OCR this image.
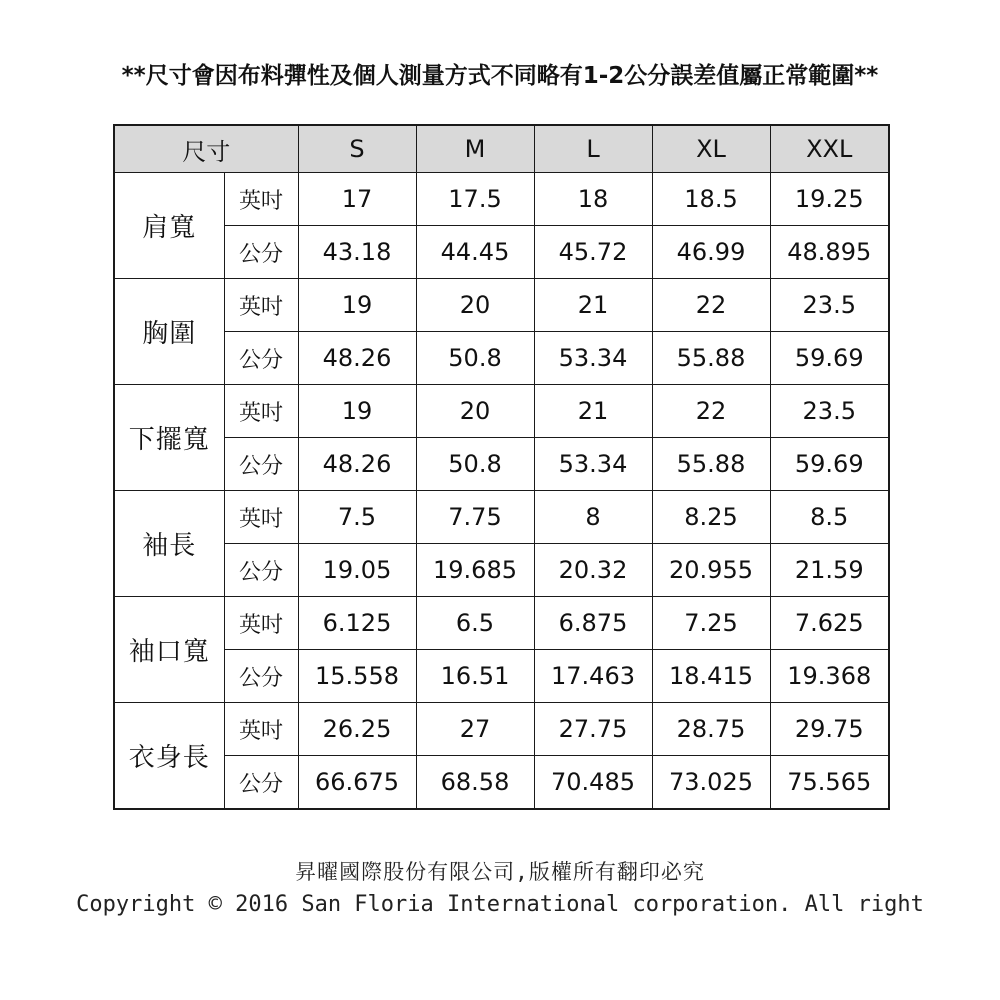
**尺寸會因布料彈性及個人測量方式不同略有1-2公分誤差值屬正常範圍**
尺寸		S	M	L	XL	XXL
肩寬	英吋	17	17.5	18	18.5	19.25
	公分	43.18	44.45	45.72	46.99	48.895
胸圍	英吋	19	20	21	22	23.5
	公分	48.26	50.8	53.34	55.88	59.69
下擺寬	英吋	19	20	21	22	23.5
	公分	48.26	50.8	53.34	55.88	59.69
袖長	英吋	7.5	7.75	8	8.25	8.5
	公分	19.05	19.685	20.32	20.955	21.59
袖口寬	英吋	6.125	6.5	6.875	7.25	7.625
	公分	15.558	16.51	17.463	18.415	19.368
衣身長	英吋	26.25	27	27.75	28.75	29.75
	公分	66.675	68.58	70.485	73.025	75.565
昇曜國際股份有限公司,版權所有翻印必究
Copyright © 2016 San Floria International corporation. All right
